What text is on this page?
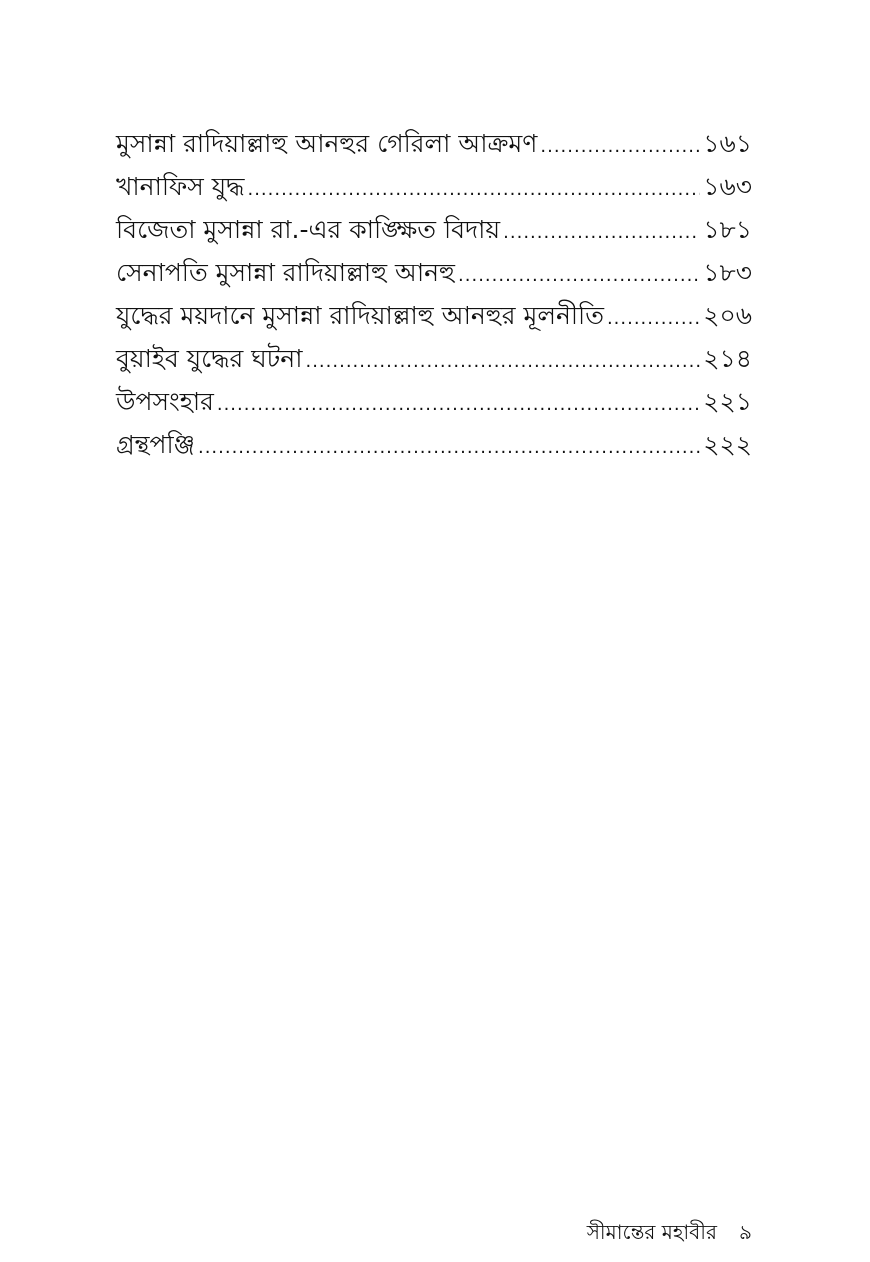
মুসান্না রাদিয়াল্লাহু আনহুর গেরিলা আক্রমণ .....	১৬১
খানাফিস যুদ্ধ .....	১৬৩
বিজেতা মুসান্না রা.-এর কাঙ্ক্ষিত বিদায় .....	১৮১
সেনাপতি মুসান্না রাদিয়াল্লাহু আনহু .....	১৮৩
যুদ্ধের ময়দানে মুসান্না রাদিয়াল্লাহু আনহুর মূলনীতি .....	২০৬
বুয়াইব যুদ্ধের ঘটনা .....	২১৪
উপসংহার .....	২২১
গ্রন্থপঞ্জি .....	২২২
সীমান্তের মহাবীর ৯
